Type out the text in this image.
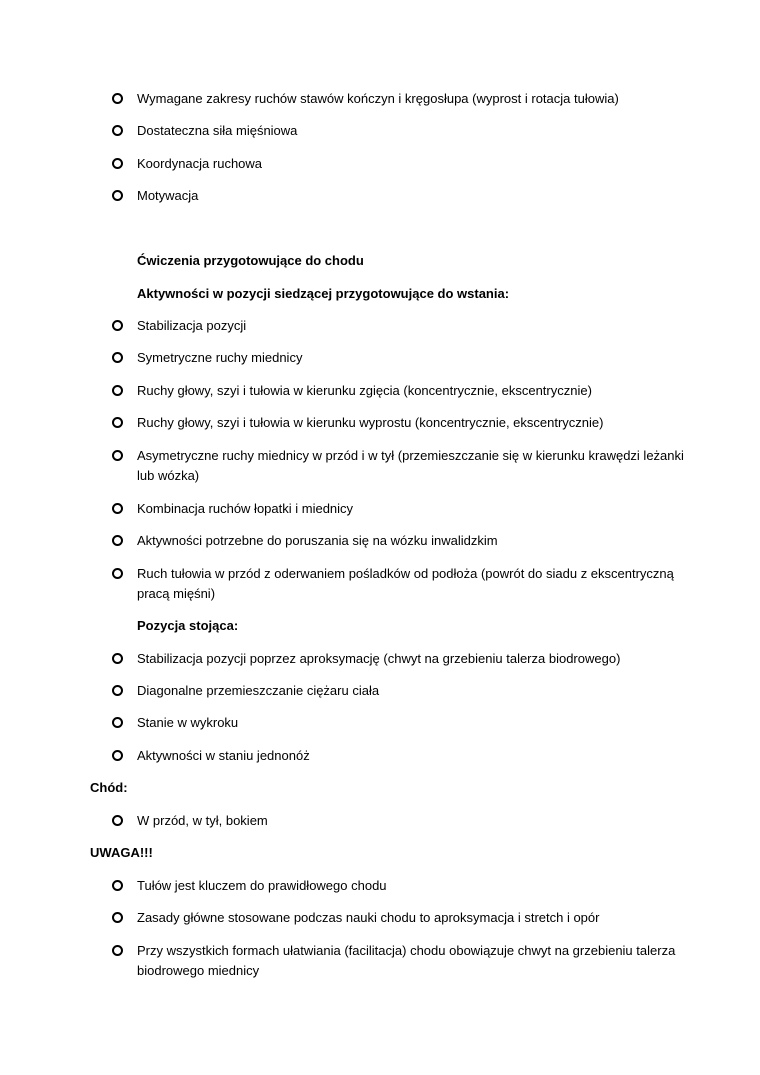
Wymagane zakresy ruchów stawów kończyn i kręgosłupa (wyprost i rotacja tułowia)
Dostateczna siła mięśniowa
Koordynacja ruchowa
Motywacja
Ćwiczenia przygotowujące do chodu
Aktywności w pozycji siedzącej przygotowujące do wstania:
Stabilizacja pozycji
Symetryczne ruchy miednicy
Ruchy głowy, szyi i tułowia w kierunku zgięcia (koncentrycznie, ekscentrycznie)
Ruchy głowy, szyi i tułowia w kierunku wyprostu (koncentrycznie, ekscentrycznie)
Asymetryczne ruchy miednicy w przód i w tył (przemieszczanie się w kierunku krawędzi leżanki lub wózka)
Kombinacja ruchów łopatki i miednicy
Aktywności potrzebne do poruszania się na wózku inwalidzkim
Ruch tułowia w przód z oderwaniem pośladków od podłoża (powrót do siadu z ekscentryczną pracą mięśni)
Pozycja stojąca:
Stabilizacja pozycji poprzez aproksymację (chwyt na grzebieniu talerza biodrowego)
Diagonalne przemieszczanie ciężaru ciała
Stanie w wykroku
Aktywności w staniu jednonóż
Chód:
W przód, w tył, bokiem
UWAGA!!!
Tułów jest kluczem do prawidłowego chodu
Zasady główne stosowane podczas nauki chodu to aproksymacja i stretch i opór
Przy wszystkich formach ułatwiania (facilitacja) chodu obowiązuje chwyt na grzebieniu talerza biodrowego miednicy
